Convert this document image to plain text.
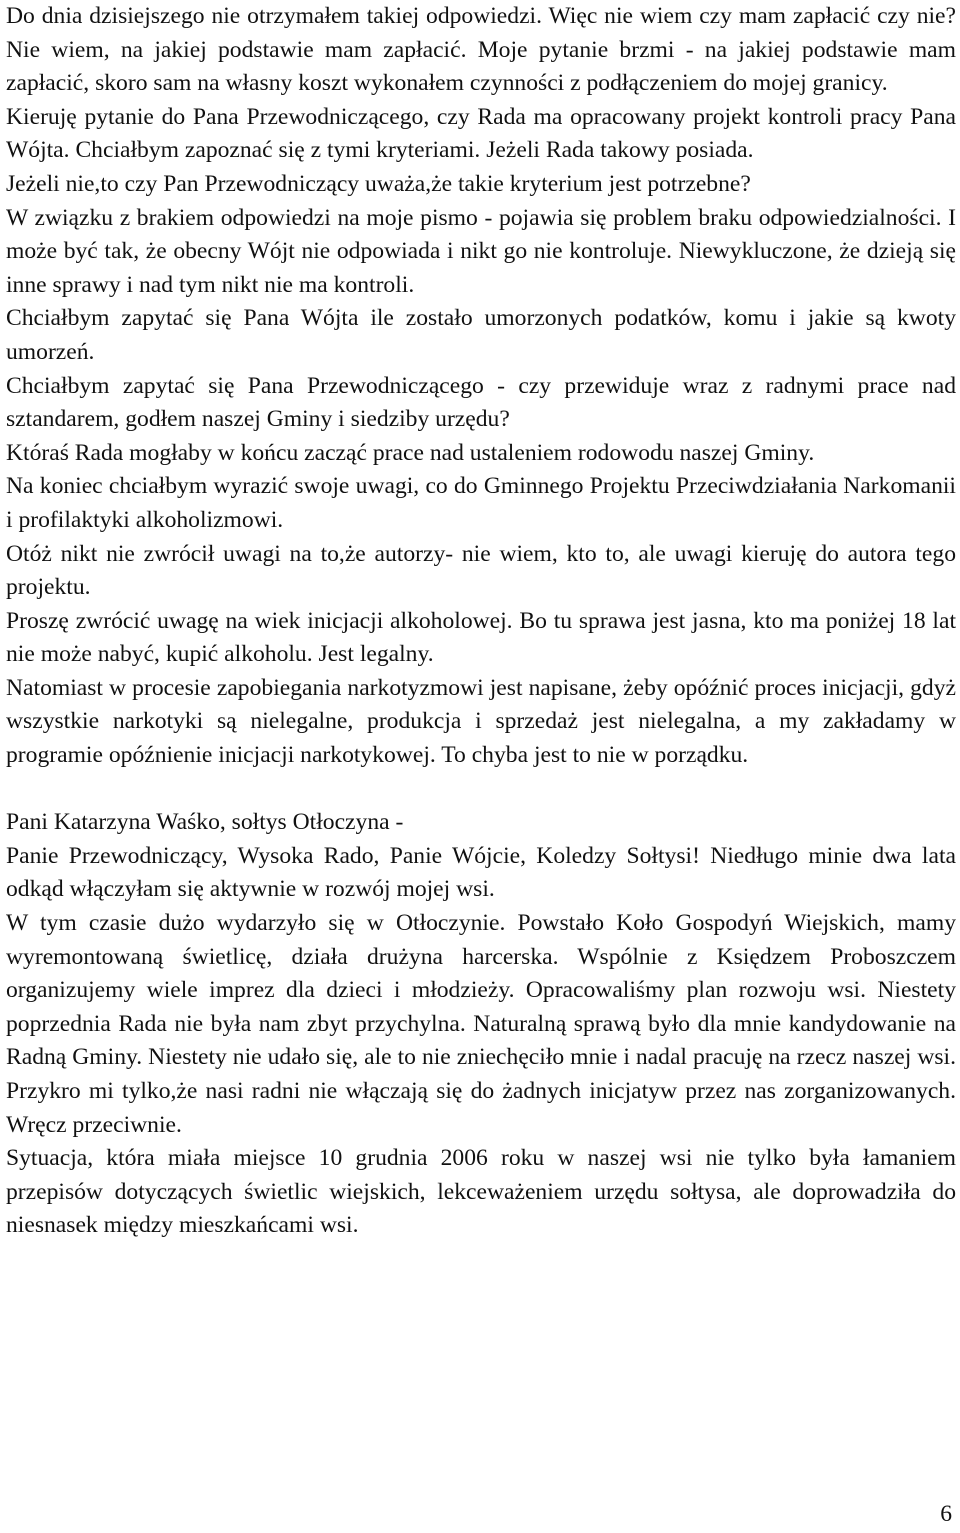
Do dnia dzisiejszego nie otrzymałem takiej odpowiedzi. Więc nie wiem czy mam zapłacić czy nie? Nie wiem, na jakiej podstawie mam zapłacić. Moje pytanie brzmi - na jakiej podstawie mam zapłacić, skoro sam na własny koszt wykonałem czynności z podłączeniem do mojej granicy.

Kieruję pytanie do Pana Przewodniczącego, czy Rada ma opracowany projekt kontroli pracy Pana Wójta. Chciałbym zapoznać się z tymi kryteriami. Jeżeli Rada takowy posiada.

Jeżeli nie,to czy Pan Przewodniczący uważa,że takie kryterium jest potrzebne?

W związku z brakiem odpowiedzi na moje pismo - pojawia się problem braku odpowiedzialności. I może być tak, że obecny Wójt nie odpowiada i nikt go nie kontroluje. Niewykluczone, że dzieją się inne sprawy i nad tym nikt nie ma kontroli.

Chciałbym zapytać się Pana Wójta ile zostało umorzonych podatków, komu i jakie są kwoty umorzeń.

Chciałbym zapytać się Pana Przewodniczącego - czy przewiduje wraz z radnymi prace nad sztandarem, godłem naszej Gminy i siedziby urzędu?

Któraś Rada mogłaby w końcu zacząć prace nad ustaleniem rodowodu naszej Gminy.

Na koniec chciałbym wyrazić swoje uwagi, co do Gminnego Projektu Przeciwdziałania Narkomanii i profilaktyki alkoholizmowi.

Otóż nikt nie zwrócił uwagi na to,że autorzy- nie wiem, kto to, ale uwagi kieruję do autora tego projektu.

Proszę zwrócić uwagę na wiek inicjacji alkoholowej. Bo tu sprawa jest jasna, kto ma poniżej 18 lat nie może nabyć, kupić alkoholu. Jest legalny.

Natomiast w procesie zapobiegania narkotyzmowi jest napisane, żeby opóźnić proces inicjacji, gdyż wszystkie narkotyki są nielegalne, produkcja i sprzedaż jest nielegalna, a my zakładamy w programie opóźnienie inicjacji narkotykowej. To chyba jest to nie w porządku.

Pani Katarzyna Waśko, sołtys Otłoczyna -

Panie Przewodniczący, Wysoka Rado, Panie Wójcie, Koledzy Sołtysi! Niedługo minie dwa lata odkąd włączyłam się aktywnie w rozwój mojej wsi.

W tym czasie dużo wydarzyło się w Otłoczynie. Powstało Koło Gospodyń Wiejskich, mamy wyremontowaną świetlicę, działa drużyna harcerska. Wspólnie z Księdzem Proboszczem organizujemy wiele imprez dla dzieci i młodzieży. Opracowaliśmy plan rozwoju wsi. Niestety poprzednia Rada nie była nam zbyt przychylna. Naturalną sprawą było dla mnie kandydowanie na Radną Gminy. Niestety nie udało się, ale to nie zniechęciło mnie i nadal pracuję na rzecz naszej wsi. Przykro mi tylko,że nasi radni nie włączają się do żadnych inicjatyw przez nas zorganizowanych. Wręcz przeciwnie.

Sytuacja, która miała miejsce 10 grudnia 2006 roku w naszej wsi nie tylko była łamaniem przepisów dotyczących świetlic wiejskich, lekceważeniem urzędu sołtysa, ale doprowadziła do niesnasek między mieszkańcami wsi.

6
